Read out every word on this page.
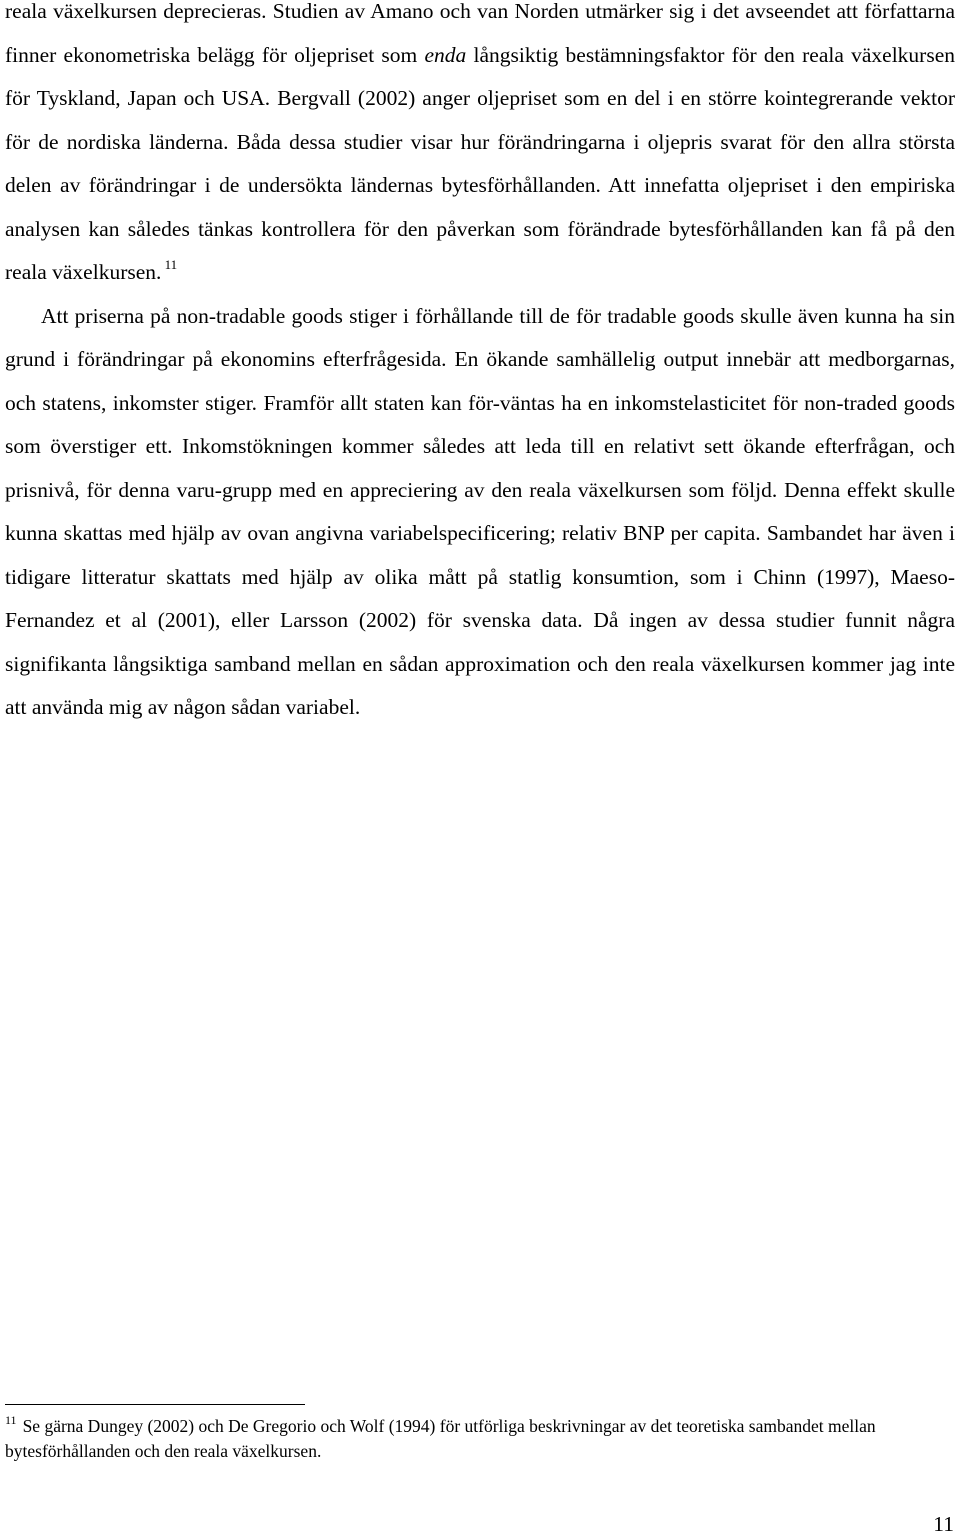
reala växelkursen deprecieras. Studien av Amano och van Norden utmärker sig i det avseendet att författarna finner ekonometriska belägg för oljepriset som enda långsiktig bestämningsfaktor för den reala växelkursen för Tyskland, Japan och USA. Bergvall (2002) anger oljepriset som en del i en större kointegrerande vektor för de nordiska länderna. Båda dessa studier visar hur förändringarna i oljepris svarat för den allra största delen av förändringar i de undersökta ländernas bytesförhållanden. Att innefatta oljepriset i den empiriska analysen kan således tänkas kontrollera för den påverkan som förändrade bytesförhållanden kan få på den reala växelkursen. $^{11}$

Att priserna på non-tradable goods stiger i förhållande till de för tradable goods skulle även kunna ha sin grund i förändringar på ekonomins efterfrågesida. En ökande samhällelig output innebär att medborgarnas, och statens, inkomster stiger. Framför allt staten kan för-väntas ha en inkomstelasticitet för non-traded goods som överstiger ett. Inkomstökningen kommer således att leda till en relativt sett ökande efterfrågan, och prisnivå, för denna varu-grupp med en appreciering av den reala växelkursen som följd. Denna effekt skulle kunna skattas med hjälp av ovan angivna variabelspecificering; relativ BNP per capita. Sambandet har även i tidigare litteratur skattats med hjälp av olika mått på statlig konsumtion, som i Chinn (1997), Maeso-Fernandez et al (2001), eller Larsson (2002) för svenska data. Då ingen av dessa studier funnit några signifikanta långsiktiga samband mellan en sådan approximation och den reala växelkursen kommer jag inte att använda mig av någon sådan variabel.

$^{11}$ Se gärna Dungey (2002) och De Gregorio och Wolf (1994) för utförliga beskrivningar av det teoretiska sambandet mellan bytesförhållanden och den reala växelkursen.

11
